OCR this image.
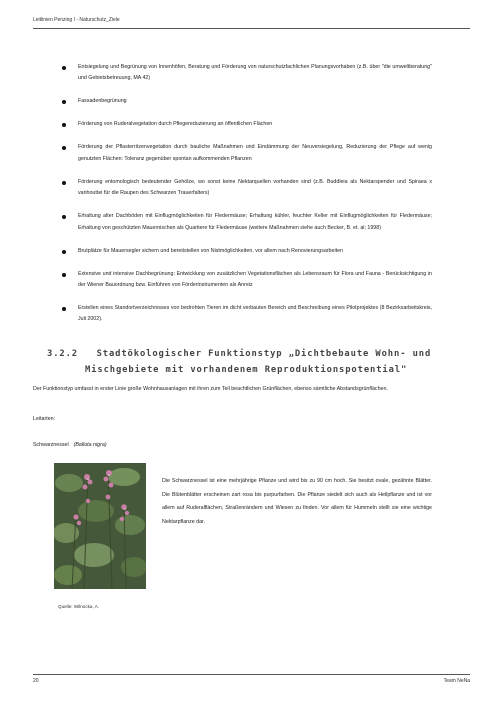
Leitlinien Penzing I - Naturschutz_Ziele
Entsiegelung und Begrünung von Innenhöfen, Beratung und Förderung von naturschutzfachlichen Planungsvorhaben (z.B. über "die umweltberatung" und Gebietsbetreuung, MA 42)
Fassadenbegrünung
Förderung von Ruderalvegetation durch Pflegereduzierung an öffentlichen Flächen
Förderung der Pflasterritzenvegetation durch bauliche Maßnahmen und Eindämmung der Neuversiegelung, Reduzierung der Pflege auf wenig genutzten Flächen: Toleranz gegenüber spontan aufkommenden Pflanzen
Förderung entomologisch bedeutender Gehölze, wo sonst keine Nektarquellen vorhanden sind (z.B. Buddleia als Nektarspender und Spiraea x vanhouttei für die Raupen des Schwarzen Trauerfalters)
Erhaltung alter Dachböden mit Einflugmöglichkeiten für Fledermäuse; Erhaltung kühler, feuchter Keller mit Einflugmöglichkeiten für Fledermäuse; Erhaltung von geschützten Mauernischen als Quartiere für Fledermäuse (weitere Maßnahmen siehe auch Becker, B. et. al; 1998)
Brutplätze für Mauersegler sichern und bereitstellen von Nistmöglichkeiten, vor allem nach Renovierungsarbeiten
Extensive und intensive Dachbegrünung: Entwicklung von zusätzlichen Vegetationsflächen als Lebensraum für Flora und Fauna - Berücksichtigung in der Wiener Bauordnung bzw. Einführen von Förderinstrumenten als Anreiz
Erstellen eines Standortverzeichnisses von bedrohten Tieren im dicht verbauten Bereich und Beschreibung eines Pilotprojektes (8 Bezirksarbeitskreis, Juli 2002).
3.2.2 Stadtökologischer Funktionstyp „Dichtbebaute Wohn- und
Mischgebiete mit vorhandenem Reproduktionspotential"

Der Funktionstyp umfasst in erster Linie große Wohnhausanlagen mit ihren zum Teil beachtlichen Grünflächen, ebenso sämtliche Abstandsgrünflächen.

Leitarten:

Schwarznessel (Ballota nigra)

Die Schwarznessel ist eine mehrjährige Pflanze und wird bis zu 90 cm hoch. Sie besitzt ovale, gezähnte Blätter. Die Blütenblätter erscheinen zart rosa bis purpurfarben. Die Pflanze siedelt sich auch als Heilpflanze und ist vor allem auf Ruderalflächen, Straßenrändern und Wiesen zu finden. Vor allem für Hummeln stellt sie eine wichtige Nektarpflanze dar.

Quelle: Wilnocka, A.

20	Team NeNa
